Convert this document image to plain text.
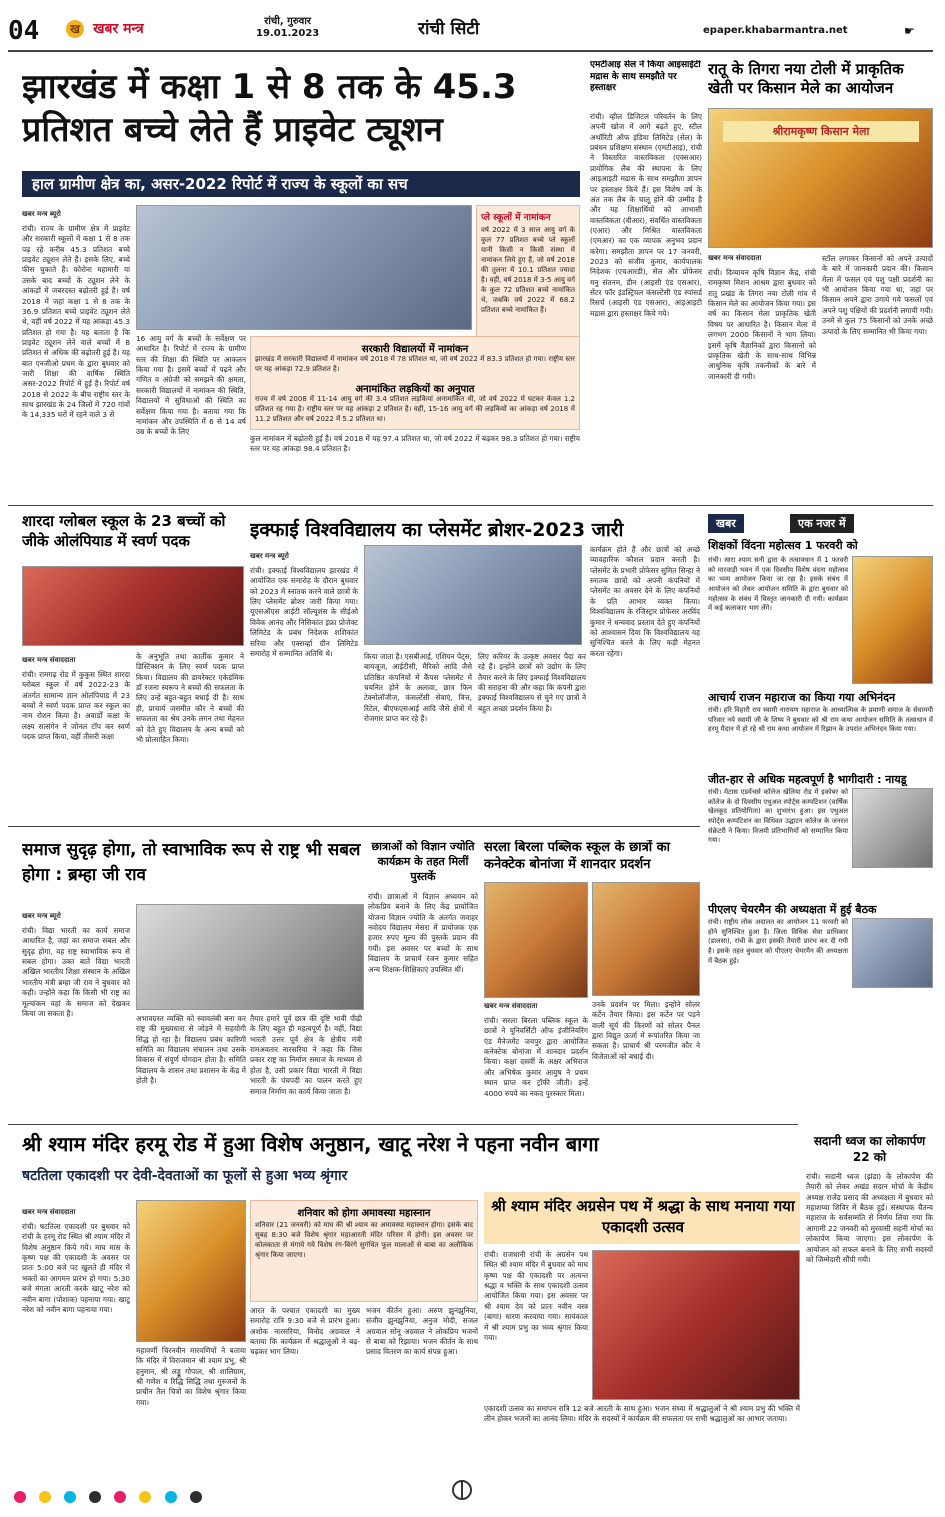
04	ख खबर मन्त्र	रांची, गुरुवार
19.01.2023	रांची सिटी	epaper.khabarmantra.net	☛
झारखंड में कक्षा 1 से 8 तक के 45.3 प्रतिशत बच्चे लेते हैं प्राइवेट ट्यूशन
हाल ग्रामीण क्षेत्र का, असर-2022 रिपोर्ट में राज्य के स्कूलों का सच
खबर मन्त्र ब्यूरो
रांची। राज्य के ग्रामीण क्षेत्र में प्राइवेट और सरकारी स्कूलों में कक्षा 1 से 8 तक पढ़ रहे करीब 45.3 प्रतिशत बच्चे प्राइवेट ट्यूशन लेते हैं। इसके लिए, बच्चे फीस चुकाते हैं। कोरोना महामारी या उसके बाद बच्चों के ट्यूशन लेने के आंकड़ों में जबरदस्त बढ़ोतरी हुई है। वर्ष 2018 में जहां कक्षा 1 से 8 तक के 36.9 प्रतिशत बच्चे प्राइवेट ट्यूशन लेते थे, वहीं वर्ष 2022 में यह आंकड़ा 45.3 प्रतिशत हो गया है। यह बताता है कि प्राइवेट ट्यूशन लेने वाले बच्चों में 8 प्रतिशत से अधिक की बढ़ोतरी हुई है। यह बात एनजीओ प्रथम के द्वारा बुधवार को जारी शिक्षा की वार्षिक स्थिति असर-2022 रिपोर्ट में हुई है। रिपोर्ट वर्ष 2018 से 2022 के बीच राष्ट्रीय स्तर के साथ झारखंड के 24 जिलों में 720 गांवों के 14,335 घरों में रहने वाले 3 से
प्ले स्कूलों में नामांकन
वर्ष 2022 में 3 साल आयु वर्ग के कुल 77 प्रतिशत बच्चे प्ले स्कूलों यानी किसी न किसी संस्था में नामांकन लिये हुए हैं, जो वर्ष 2018 की तुलना में 10.1 प्रतिशत ज्यादा है। वहीं, वर्ष 2018 में 3-5 आयु वर्ग के कुल 72 प्रतिशत बच्चे नामांकित थे, जबकि वर्ष 2022 में 68.2 प्रतिशत बच्चे नामांकित हैं।
16 आयु वर्ग के बच्चों के सर्वेक्षण पर आधारित है। रिपोर्ट में राज्य के ग्रामीण स्तर की शिक्षा की स्थिति पर आकलन किया गया है। इसमें बच्चों में पढ़ने और गणित व अंग्रेजी को समझने की क्षमता, सरकारी विद्यालयों में नामांकन की स्थिति, विद्यालयों में सुविधाओं की स्थिति का सर्वेक्षण किया गया है। बताया गया कि नामांकन और उपस्थिति में 6 से 14 वर्ष उम्र के बच्चों के लिए
सरकारी विद्यालयों में नामांकन
झारखंड में सरकारी विद्यालयों में नामांकन वर्ष 2018 में 78 प्रतिशत था, जो वर्ष 2022 में 83.3 प्रतिशत हो गया। राष्ट्रीय स्तर पर यह आंकड़ा 72.9 प्रतिशत है।
अनामांकित लड़कियों का अनुपात
राज्य में वर्ष 2008 में 11-14 आयु वर्ग की 3.4 प्रतिशत लड़कियां अनामांकित थी, जो वर्ष 2022 में घटकर केवल 1.2 प्रतिशत रह गया है। राष्ट्रीय स्तर पर यह आंकड़ा 2 प्रतिशत है। वहीं, 15-16 आयु वर्ग की लड़कियों का आंकड़ा वर्ष 2018 में 11.2 प्रतिशत और वर्ष 2022 में 5.2 प्रतिशत था।
कुल नामांकन में बढ़ोतरी हुई है। वर्ष 2018 में यह 97.4 प्रतिशत था, जो वर्ष 2022 में बढ़कर 98.3 प्रतिशत हो गया। राष्ट्रीय स्तर पर यह आंकड़ा 98.4 प्रतिशत है।
एमटीआइ सेल ने किया आइसाईटी मद्रास के साथ समझौते पर हस्ताक्षर
रांची। व्हील डिजिटल परिवर्तन के लिए अपनी खोज में आगे बढ़ते हुए, स्टील अथॉरिटी ऑफ इंडिया लिमिटेड (सेल) के प्रबंधन प्रशिक्षण संस्थान (एमटीआइ), रांची ने विस्तारित वास्तविकता (एक्सआर) प्रायोगिक लैब की स्थापना के लिए आइआइटी मद्रास के साथ समझौता ज्ञापन पर हस्ताक्षर किये हैं। इस विशेष वर्ष के अंत तक लैब के चालू होने की उम्मीद है और यह शिक्षार्थियों को आभासी वास्तविकता (वीआर), संवर्धित वास्तविकता (एआर) और मिश्रित वास्तविकता (एमआर) का एक व्यापक अनुभव प्रदान करेगा। समझौता ज्ञापन पर 17 जनवरी, 2023 को संजीव कुमार, कार्यपालक निदेशक (एचआरडी), सेल और प्रोफेसर मनु संतनम, डीन (आइसी एंड एसआर), सेंटर फॉर इंडस्ट्रियल कंसल्टेंसी एंड स्पांसर्ड रिसर्च (आइसी एंड एसआर), आइआइटी मद्रास द्वारा हस्ताक्षर किये गये।
रातू के तिगरा नया टोली में प्राकृतिक खेती पर किसान मेले का आयोजन
श्रीरामकृष्ण किसान मेला
खबर मन्त्र संवाददाता
रांची। दिव्यायन कृषि विज्ञान केंद्र, रांची रामकृष्ण मिशन आश्रम द्वारा बुधवार को रातू प्रखंड के तिगरा नया टोली गांव में किसान मेले का आयोजन किया गया। इस वर्ष का किसान मेला प्राकृतिक खेती विषय पर आधारित है। किसान मेला में लगभग 2000 किसानों ने भाग लिया। इसमें कृषि वैज्ञानिकों द्वारा किसानों को प्राकृतिक खेती के साथ-साथ विभिन्न आधुनिक कृषि तकनीकों के बारे में जानकारी दी गयी।
स्टॉल लगाकर किसानों को अपने उत्पादों के बारे में जानकारी प्रदान की। किसान मेला में फसल एवं पशु पक्षी प्रदर्शनी का भी आयोजन किया गया था, जहां पर किसान अपने द्वारा उगाये गये फसलों एवं अपने पशु पक्षियों की प्रदर्शनी लगायी गयी। उनमें से कुल 75 किसानों को उनके अच्छे उत्पादों के लिए सम्मानित भी किया गया।
शारदा ग्लोबल स्कूल के 23 बच्चों को जीके ओलंपियाड में स्वर्ण पदक
खबर मन्त्र संवाददाता
रांची। रामगढ़ रोड में कुकुस स्थित शारदा ग्लोबल स्कूल में वर्ष 2022-23 के अंतर्गत सामान्य ज्ञान ओलंपियाड में 23 बच्चों ने स्वर्ण पदक प्राप्त कर स्कूल का नाम रोशन किया है। अवार्डों कक्षा के लक्ष्य सत्संगेन ने जोनल टॉप कर स्वर्ण पदक प्राप्त किया, वहीं तीसरी कक्षा
के अनुभूति तथा कार्तीक कुमार ने डिस्टिंक्शन के लिए स्वर्ण पदक प्राप्त किया। विद्यालय की डायरेक्टर एकेडमिक डॉ रजना स्वरूप ने बच्चों की सफलता के लिए उन्हें बहुत-बहुत बधाई दी है। साथ ही, प्राचार्य जसमीत कौर ने बच्चों की सफलता का श्रेय उनके लगन तथा मेहनत को देते हुए विद्यालय के अन्य बच्चों को भी प्रोत्साहित किया।
इक्फाई विश्वविद्यालय का प्लेसमेंट ब्रोशर-2023 जारी
खबर मन्त्र ब्यूरो
रांची। इक्फाई विश्वविद्यालय झारखंड में आयोजित एक समारोह के दौरान बुधवार को 2023 में स्नातक करने वाले छात्रों के लिए प्लेसमेंट ब्रोशर जारी किया गया। यूएसऑएस आईटी सॉल्यूशंस के सीईओ विवेक आनंद और निसिकांत इंफ्रा प्रोजेक्ट लिमिटेड के प्रबंध निदेशक शशिकांत सरिया और एक्सर्व्हा ग्रीन लिमिटेड समारोह में सम्मानित अतिथि थे।	किया जाता है। एसबीआई, एशियन पेंट्स, बायजूज, आईटीसी, मैरिको आदि जैसे प्रतिष्ठित कंपनियों में कैंपस प्लेसमेंट में चयनित होने के अलावा, छात्र फिन टेक्नोलॉजीज, कंसल्टेंसी सेवाएं, वित्त, रिटेल, बीएफएसआई आदि जैसे क्षेत्रों में रोजगार प्राप्त कर रहे हैं।
लिए करियर के उत्कृष्ट अवसर पैदा कर रहे हैं। इन्होंने छात्रों को उद्योग के लिए तैयार करने के लिए इक्फाई विश्वविद्यालय की सराहना की और कहा कि कंपनी द्वारा इक्फाई विश्वविद्यालय से चुने गए छात्रों ने बहुत अच्छा प्रदर्शन किया है।
कार्यक्रम होते हैं और छात्रों को अच्छे व्यावहारिक कौशल प्रदान करती है। प्लेसमेंट के प्रभारी प्रोफेसर सुमित सिन्हा ने स्नातक छात्रों को अपनी कंपनियों में प्लेसमेंट का अवसर देने के लिए कंपनियों के प्रति आभार व्यक्त किया। विश्वविद्यालय के रजिस्ट्रार प्रोफेसर अरविंद कुमार ने धन्यवाद प्रस्ताव देते हुए कंपनियों को आश्वासन दिया कि विश्वविद्यालय यह सुनिश्चित करने के लिए कड़ी मेहनत करता रहेगा।
खबर	एक नजर में
शिक्षकों विंदना महोत्सव 1 फरवरी को
रांची। सारा श्याम सनी द्वारा के तत्वावधान में 1 फरवरी को मारवाड़ी भवन में एक दिवसीय विशेष वंदना महोत्सव का भव्य आयोजन किया जा रहा है। इसके संबंध में आयोजन को लेकर आयोजन समिति के द्वारा बुधवार को महोत्सव के संबंध में विस्तृत जानकारी दी गयी। कार्यक्रम में कई कलाकार भाग लेंगे।
आचार्य राजन महाराज का किया गया अभिनंदन
रांची। हरि विहारी राय स्वामी नारायण महाराज के आध्यात्मिक के प्रमाणी समाज के सेवामयी परिवार नये स्वामी जी के शिष्य ने बुधवार को श्री राम कथा आयोजन समिति के तत्वाधान में हरमू मैदान में हो रहे श्री राम कथा आयोजन में रिझान के उपरांत अभिनंदन किया गया।
जीत-हार से अधिक महत्वपूर्ण है भागीदारी : नायडू
रांची। मेटास एडवेंचर्स कॉलेज खेलिया रोड में इकोबर को कॉलेज के दो दिवसीय एथुअल स्पोर्ट्स कम्पटिशन (वार्षिक खेलकूद प्रतियोगिता) का शुभारंभ हुआ। इस एथुअल स्पोर्ट्स कम्पटिशन का विधिवत उद्घाटन कॉलेज के जनरल सेक्रेटरी ने किया। विजयी प्रतिभागियों को सम्मानित किया गया।
पीएलए चेयरमैन की अध्यक्षता में हुई बैठक
रांची। राष्ट्रीय लोक अदालत का आयोजन 11 फरवरी को होने सुनिश्चित हुआ है। जिला विधिक सेवा प्राधिकार (डालसा), रांची के द्वारा इसकी तैयारी प्रारंभ कर दी गयी है। इसके तहत बुधवार को पीएलए चेयरमैन की अध्यक्षता में बैठक हुई।
समाज सुदृढ़ होगा, तो स्वाभाविक रूप से राष्ट्र भी सबल होगा : ब्रम्हा जी राव
खबर मन्त्र ब्यूरो
रांची। विद्या भारती का कार्य समाज आधारित है, जहां का समाज सबल और सुदृढ़ होगा, वह राष्ट्र स्वाभाविक रूप से सबल होगा। उक्त बातें विद्या भारती अखिल भारतीय शिक्षा संस्थान के अखिल भारतीय मंत्री ब्रम्हा जी राव ने बुधवार को कही। उन्होंने कहा कि किसी भी राष्ट्र का मूल्यांकन वहां के समाज को देखकर किया जा सकता है।
अभावग्रस्त व्यक्ति को स्वावलंबी बना कर राष्ट्र की मुख्यधारा से जोड़ने में सहयोगी सिद्ध हो रहा है। विद्यालय प्रबंध कारिणी समिति का विद्यालय संचालन तथा उसके विकास में संपूर्ण योगदान होता है। समिति विद्यालय के शासन तथा प्रशासन के केंद्र में होती है।
तैयार हमारे पूर्व छात्र की दृष्टि भावी पीढ़ी के लिए बहुत ही महत्वपूर्ण है। वहीं, विद्या भारती उत्तर पूर्व क्षेत्र के क्षेत्रीय मंत्री रामअवतार नारसरिया ने कहा कि जिस प्रकार राष्ट्र का निर्माण समाज के माध्यम से होता है, उसी प्रकार विद्या भारती में विद्या भारती के पंचपदी का पालन करते हुए समाज निर्माण का कार्य किया जाता है।
छात्राओं को विज्ञान ज्योति कार्यक्रम के तहत मिलीं पुस्तकें
रांची। छात्राओं में विज्ञान अध्ययन को लोकप्रिय बनाने के लिए केंद्र प्रायोजित योजना विज्ञान ज्योति के अंतर्गत जवाहर नवोदय विद्यालय मेसरा में प्रायोजक एक हजार रुपए मूल्य की पुस्तकें प्रदान की गयीं। इस अवसर पर बच्चों के साथ विद्यालय के प्राचार्य रंजन कुमार सहित अन्य शिक्षक-शिक्षिकाएं उपस्थित थीं।
सरला बिरला पब्लिक स्कूल के छात्रों का कनेक्टेक बोनांजा में शानदार प्रदर्शन
खबर मन्त्र संवाददाता
रांची। सरला बिरला पब्लिक स्कूल के छात्रों ने यूनिवर्सिटी ऑफ इंजीनियरिंग एंड मैनेजमेंट जयपुर द्वारा आयोजित कनेक्टेक बोनांजा में शानदार प्रदर्शन किया। कक्षा दसवीं के अक्षर अभिराज और अभिषेक कुमार आयुष ने प्रथम स्थान प्राप्त कर ट्रॉफी जीती। इन्हें 4000 रुपये का नकद पुरस्कार मिला।
उनके प्रदर्शन पर मिला। इन्होंने सोलर कर्टेन तैयार किया। इस कर्टेन पर पड़ने वाली सूर्य की किरणों को सोलर पैनल द्वारा विद्युत ऊर्जा में रूपांतरित किया जा सकता है। प्राचार्य श्री परमजीत कौर ने विजेताओं को बधाई दी।
श्री श्याम मंदिर हरमू रोड में हुआ विशेष अनुष्ठान, खाटू नरेश ने पहना नवीन बागा
षटतिला एकादशी पर देवी-देवताओं का फूलों से हुआ भव्य श्रृंगार
खबर मन्त्र संवाददाता
रांची। षटतिला एकादशी पर बुधवार को रांची के हरमू रोड स्थित श्री श्याम मंदिर में विशेष अनुष्ठान किये गये। माघ मास के कृष्ण पक्ष की एकादशी के अवसर पर प्रातः 5:00 बजे पट खुलते ही मंदिर में भक्तों का आगमन प्रारंभ हो गया। 5:30 बजे मंगला आरती करके खाटू नरेश को नवीन बागा (पोशाक) पहनाया गया। खाटू नरेश को नवीन बागा पहनाया गया।
महावर्णी चिरनवीन मारवणियों ने बताया कि मंदिर में विराजमान श्री श्याम प्रभु, श्री हनुमान, श्री लड्डू गोपाल, श्री शालिग्राम, श्री गणेश व रिद्धि सिद्धि तथा गुरुजनों के प्राचीन तैल चित्रों का विशेष श्रृंगार किया गया।
शनिवार को होगा अमावस्या महास्नान
शनिवार (21 जनवरी) को माघ की श्री श्याम का अमावस्या महास्नान होगा। इसके बाद सुबह 8:30 बजे विशेष श्रृंगार महाआरती मंदिर परिसर में होगी। इस अवसर पर कोलकाता से मंगाये गये विशेष रंग-बिरंगे सुगंधित फूल मालाओं से बाबा का अलौकिक श्रृंगार किया जाएगा।
आरत के पश्चात एकादशी का मुख्य समारोह रात्रि 9:30 बजे से प्रारंभ हुआ। अशोक नारसरिया, विनोद अग्रवाल ने बताया कि कार्यक्रम में श्रद्धालुओं ने बढ़-चढ़कर भाग लिया।
भजन कीर्तन हुआ। अरुण झुनझुनिया, संजीव झुनझुनिया, अनुज मोदी, सजल अग्रवाल सोनू अग्रवाल ने लोकप्रिय भजनों से बाबा को रिझाया। भजन कीर्तन के साथ प्रसाद वितरण का कार्य संपन्न हुआ।
श्री श्याम मंदिर अग्रसेन पथ में श्रद्धा के साथ मनाया गया एकादशी उत्सव
रांची। राजधानी रांची के अग्रसेन पथ स्थित श्री श्याम मंदिर में बुधवार को माघ कृष्ण पक्ष की एकादशी पर अत्यन्त श्रद्धा व भक्ति के साथ एकादशी उत्सव आयोजित किया गया। इस अवसर पर श्री श्याम देव को प्रातः नवीन वस्त्र (बागा) धारण करवाया गया। सायंकाल में श्री श्याम प्रभु का भव्य श्रृंगार किया गया।
एकादशी उत्सव का समापन रात्रि 12 बजे आरती के साथ हुआ। भजन संध्या में श्रद्धालुओं ने श्री श्याम प्रभु की भक्ति में लीन होकर भजनों का आनंद लिया। मंदिर के सदस्यों ने कार्यक्रम की सफलता पर सभी श्रद्धालुओं का आभार जताया।
सदानी ध्वज का लोकार्पण 22 को
रांची। सदानी ध्वज (झंडा) के लोकार्पण की तैयारी को लेकर अखंड सदान मोर्चा के केंद्रीय अध्यक्ष राजेंद्र प्रसाद की अध्यक्षता में बुधवार को महाशय्या शिविर में बैठक हुई। संस्थापक चैतन्य महाराज के सर्वसम्मति से निर्णय लिया गया कि आगामी 22 जनवरी को मुरवासी सहनी मोर्चा का लोकार्पण किया जाएगा। इस लोकार्पण के आयोजन को सफल बनाने के लिए सभी सदस्यों को जिम्मेदारी सौंपी गयी।
